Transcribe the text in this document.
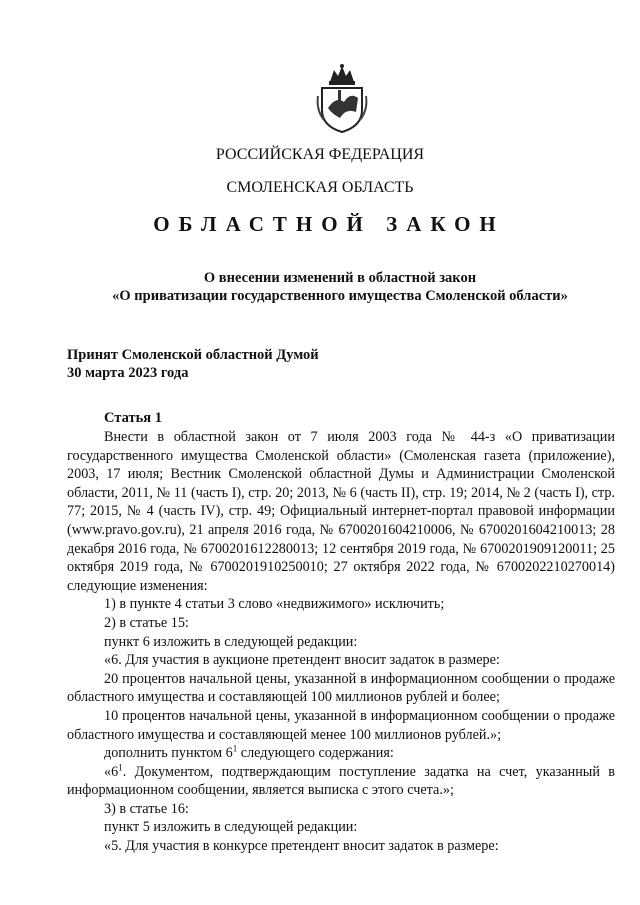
РОССИЙСКАЯ ФЕДЕРАЦИЯ
СМОЛЕНСКАЯ ОБЛАСТЬ
ОБЛАСТНОЙ ЗАКОН
О внесении изменений в областной закон
«О приватизации государственного имущества Смоленской области»
Принят Смоленской областной Думой
30 марта 2023 года
Статья 1

Внести в областной закон от 7 июля 2003 года № 44-з «О приватизации государственного имущества Смоленской области» (Смоленская газета (приложение), 2003, 17 июля; Вестник Смоленской областной Думы и Администрации Смоленской области, 2011, № 11 (часть I), стр. 20; 2013, № 6 (часть II), стр. 19; 2014, № 2 (часть I), стр. 77; 2015, № 4 (часть IV), стр. 49; Официальный интернет-портал правовой информации (www.pravo.gov.ru), 21 апреля 2016 года, № 6700201604210006, № 6700201604210013; 28 декабря 2016 года, № 6700201612280013; 12 сентября 2019 года, № 6700201909120011; 25 октября 2019 года, № 6700201910250010; 27 октября 2022 года, № 6700202210270014) следующие изменения:

1) в пункте 4 статьи 3 слово «недвижимого» исключить;

2) в статье 15:

пункт 6 изложить в следующей редакции:

«6. Для участия в аукционе претендент вносит задаток в размере:

20 процентов начальной цены, указанной в информационном сообщении о продаже областного имущества и составляющей 100 миллионов рублей и более;

10 процентов начальной цены, указанной в информационном сообщении о продаже областного имущества и составляющей менее 100 миллионов рублей.»;

дополнить пунктом $6^1$ следующего содержания:

«$6^1$. Документом, подтверждающим поступление задатка на счет, указанный в информационном сообщении, является выписка с этого счета.»;

3) в статье 16:

пункт 5 изложить в следующей редакции:

«5. Для участия в конкурсе претендент вносит задаток в размере:
